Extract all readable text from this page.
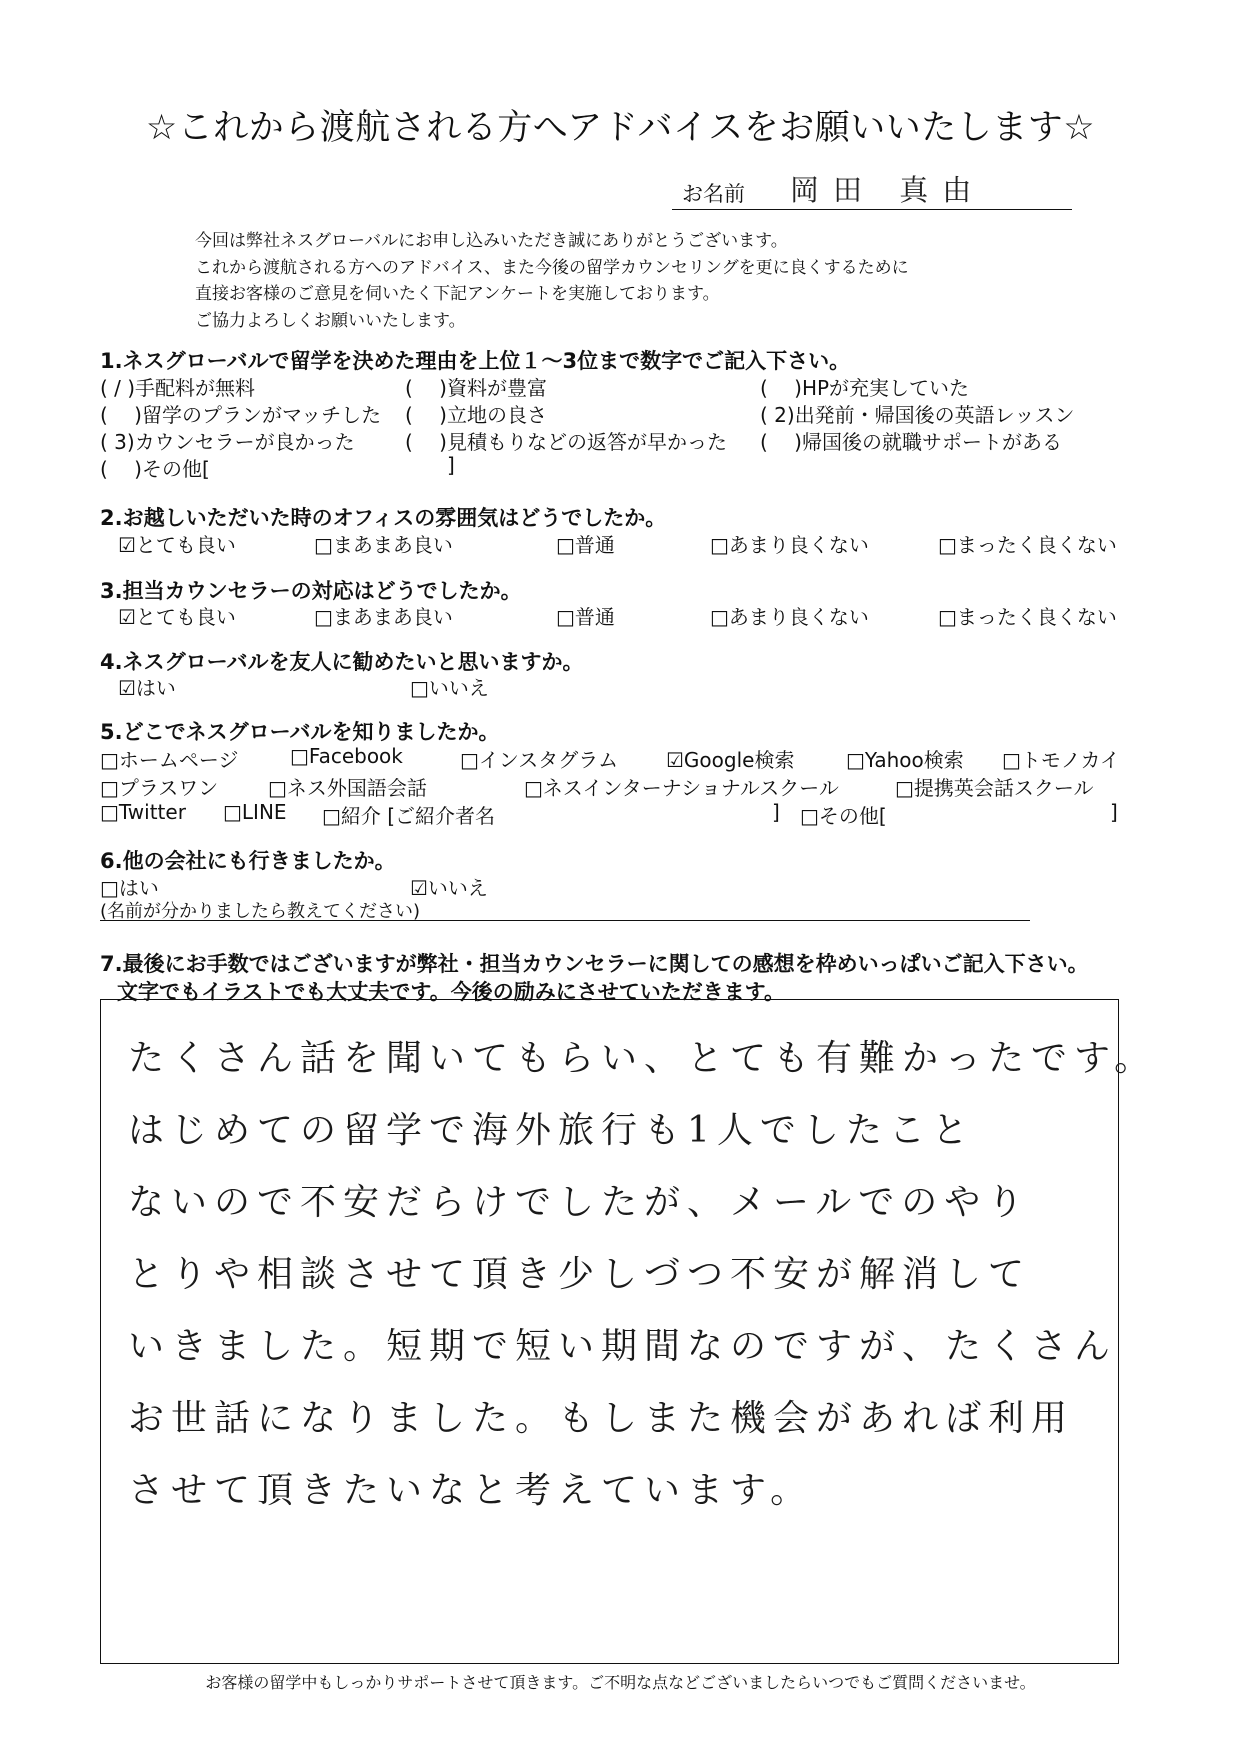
☆これから渡航される方へアドバイスをお願いいたします☆
お名前 岡田 真由
今回は弊社ネスグローバルにお申し込みいただき誠にありがとうございます。
これから渡航される方へのアドバイス、また今後の留学カウンセリングを更に良くするために
直接お客様のご意見を伺いたく下記アンケートを実施しております。
ご協力よろしくお願いいたします。
1.ネスグローバルで留学を決めた理由を上位１～3位まで数字でご記入下さい。
( / )手配料が無料	(　 )資料が豊富	(　 )HPが充実していた
(　 )留学のプランがマッチした (　 )立地の良さ	( 2)出発前・帰国後の英語レッスン
( 3)カウンセラーが良かった	(　 )見積もりなどの返答が早かった (　 )帰国後の就職サポートがある
(　 )その他[	]
2.お越しいただいた時のオフィスの雰囲気はどうでしたか。
☑とても良い	□まあまあ良い	□普通	□あまり良くない	□まったく良くない
3.担当カウンセラーの対応はどうでしたか。
☑とても良い	□まあまあ良い	□普通	□あまり良くない	□まったく良くない
4.ネスグローバルを友人に勧めたいと思いますか。
☑はい	□いいえ
5.どこでネスグローバルを知りましたか。
□ホームページ	□Facebook	□インスタグラム ☑Google検索	□Yahoo検索 □トモノカイ
□プラスワン □ネス外国語会話	□ネスインターナショナルスクール	□提携英会話スクール
□Twitter □LINE □紹介 [ご紹介者名	] □その他[	]
6.他の会社にも行きましたか。
□はい	☑いいえ
(名前が分かりましたら教えてください)
7.最後にお手数ではございますが弊社・担当カウンセラーに関しての感想を枠めいっぱいご記入下さい。
文字でもイラストでも大丈夫です。今後の励みにさせていただきます。
たくさん話を聞いてもらい、とても有難かったです。
はじめての留学で海外旅行も1人でしたこと
ないので不安だらけでしたが、メールでのやり
とりや相談させて頂き少しづつ不安が解消して
いきました。短期で短い期間なのですが、たくさん
お世話になりました。もしまた機会があれば利用
させて頂きたいなと考えています。
お客様の留学中もしっかりサポートさせて頂きます。ご不明な点などございましたらいつでもご質問くださいませ。
